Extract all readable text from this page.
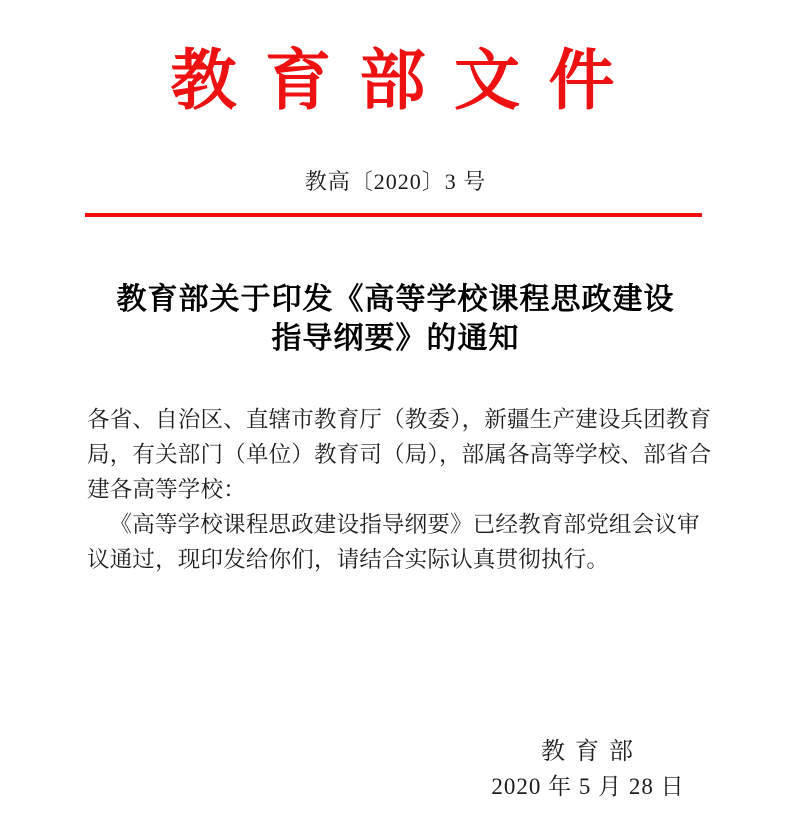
教 育 部 文 件
教高〔2020〕3 号
教育部关于印发《高等学校课程思政建设
指导纲要》的通知
各省、自治区、直辖市教育厅（教委），新疆生产建设兵团教育
局，有关部门（单位）教育司（局），部属各高等学校、部省合
建各高等学校：
《高等学校课程思政建设指导纲要》已经教育部党组会议审
议通过，现印发给你们，请结合实际认真贯彻执行。
教 育 部
2020 年 5 月 28 日
